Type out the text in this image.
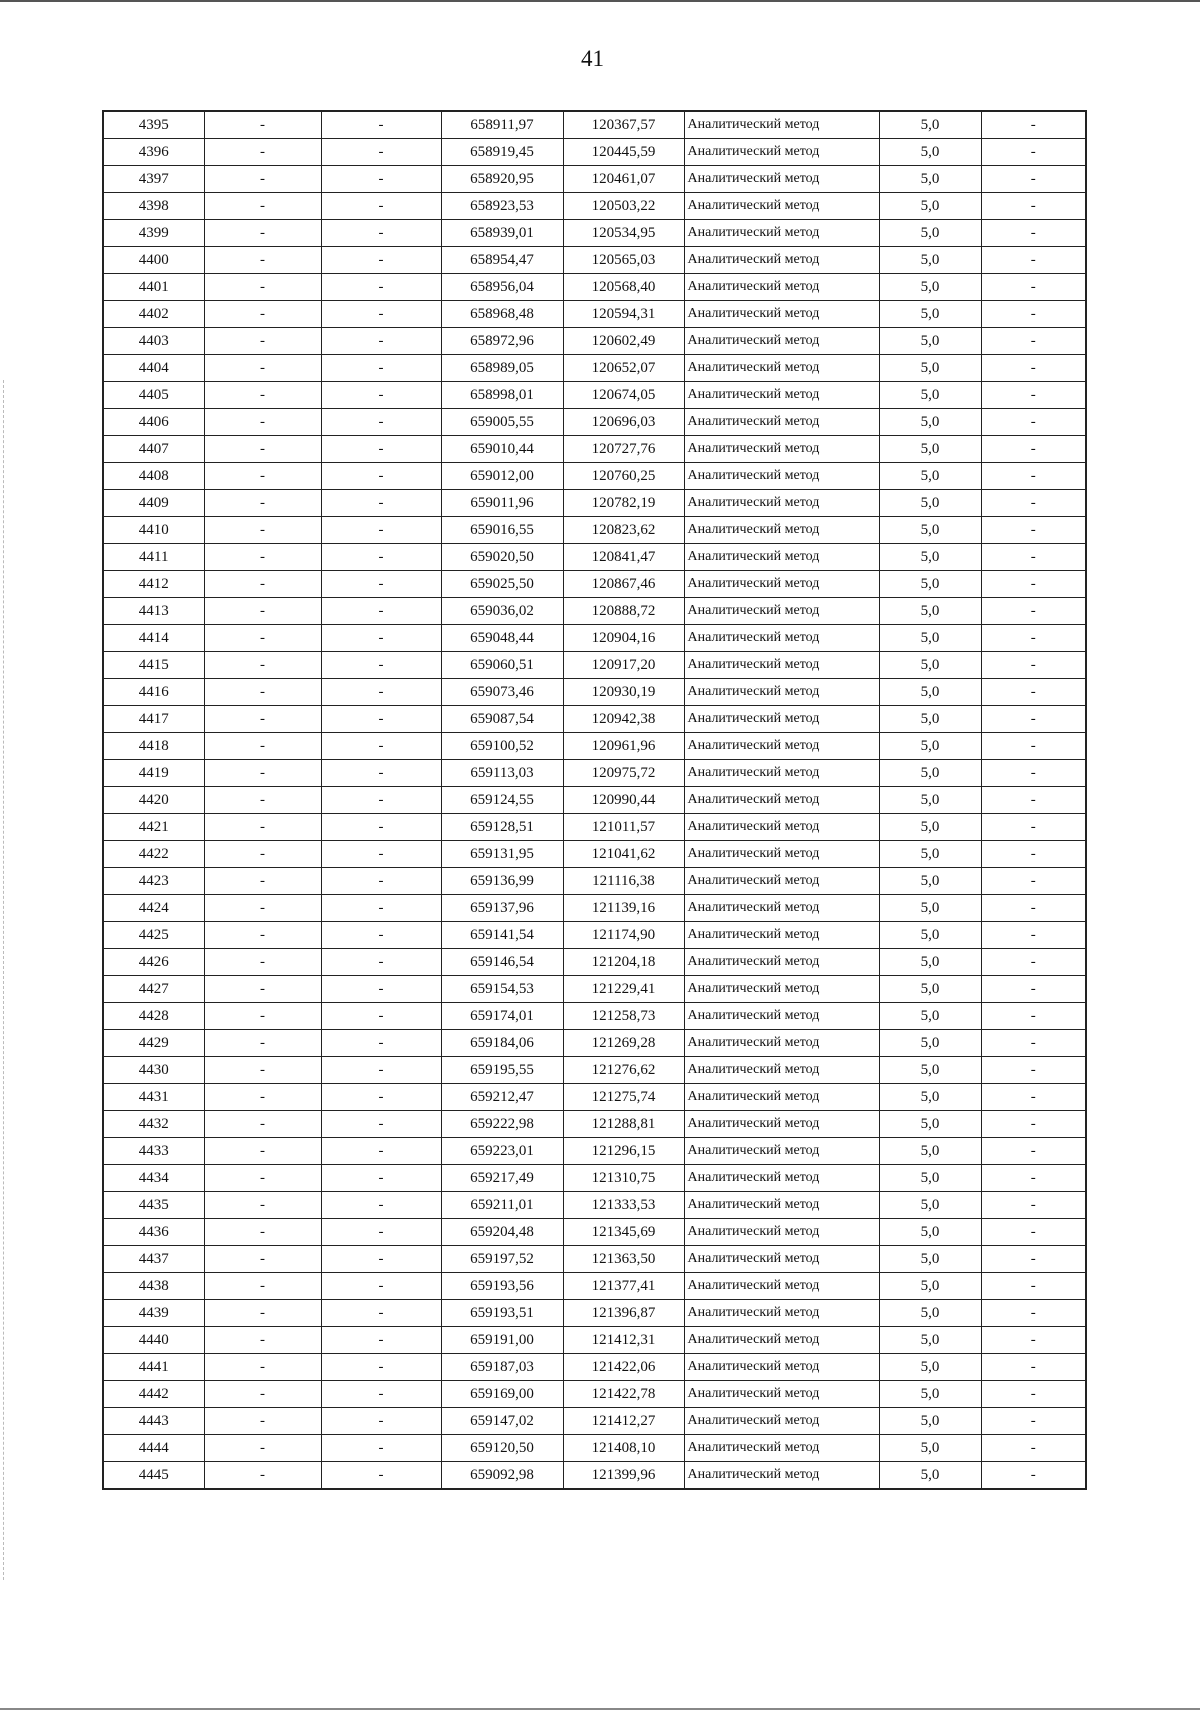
41
4395	-	-	658911,97	120367,57	Аналитический метод	5,0	-
4396	-	-	658919,45	120445,59	Аналитический метод	5,0	-
4397	-	-	658920,95	120461,07	Аналитический метод	5,0	-
4398	-	-	658923,53	120503,22	Аналитический метод	5,0	-
4399	-	-	658939,01	120534,95	Аналитический метод	5,0	-
4400	-	-	658954,47	120565,03	Аналитический метод	5,0	-
4401	-	-	658956,04	120568,40	Аналитический метод	5,0	-
4402	-	-	658968,48	120594,31	Аналитический метод	5,0	-
4403	-	-	658972,96	120602,49	Аналитический метод	5,0	-
4404	-	-	658989,05	120652,07	Аналитический метод	5,0	-
4405	-	-	658998,01	120674,05	Аналитический метод	5,0	-
4406	-	-	659005,55	120696,03	Аналитический метод	5,0	-
4407	-	-	659010,44	120727,76	Аналитический метод	5,0	-
4408	-	-	659012,00	120760,25	Аналитический метод	5,0	-
4409	-	-	659011,96	120782,19	Аналитический метод	5,0	-
4410	-	-	659016,55	120823,62	Аналитический метод	5,0	-
4411	-	-	659020,50	120841,47	Аналитический метод	5,0	-
4412	-	-	659025,50	120867,46	Аналитический метод	5,0	-
4413	-	-	659036,02	120888,72	Аналитический метод	5,0	-
4414	-	-	659048,44	120904,16	Аналитический метод	5,0	-
4415	-	-	659060,51	120917,20	Аналитический метод	5,0	-
4416	-	-	659073,46	120930,19	Аналитический метод	5,0	-
4417	-	-	659087,54	120942,38	Аналитический метод	5,0	-
4418	-	-	659100,52	120961,96	Аналитический метод	5,0	-
4419	-	-	659113,03	120975,72	Аналитический метод	5,0	-
4420	-	-	659124,55	120990,44	Аналитический метод	5,0	-
4421	-	-	659128,51	121011,57	Аналитический метод	5,0	-
4422	-	-	659131,95	121041,62	Аналитический метод	5,0	-
4423	-	-	659136,99	121116,38	Аналитический метод	5,0	-
4424	-	-	659137,96	121139,16	Аналитический метод	5,0	-
4425	-	-	659141,54	121174,90	Аналитический метод	5,0	-
4426	-	-	659146,54	121204,18	Аналитический метод	5,0	-
4427	-	-	659154,53	121229,41	Аналитический метод	5,0	-
4428	-	-	659174,01	121258,73	Аналитический метод	5,0	-
4429	-	-	659184,06	121269,28	Аналитический метод	5,0	-
4430	-	-	659195,55	121276,62	Аналитический метод	5,0	-
4431	-	-	659212,47	121275,74	Аналитический метод	5,0	-
4432	-	-	659222,98	121288,81	Аналитический метод	5,0	-
4433	-	-	659223,01	121296,15	Аналитический метод	5,0	-
4434	-	-	659217,49	121310,75	Аналитический метод	5,0	-
4435	-	-	659211,01	121333,53	Аналитический метод	5,0	-
4436	-	-	659204,48	121345,69	Аналитический метод	5,0	-
4437	-	-	659197,52	121363,50	Аналитический метод	5,0	-
4438	-	-	659193,56	121377,41	Аналитический метод	5,0	-
4439	-	-	659193,51	121396,87	Аналитический метод	5,0	-
4440	-	-	659191,00	121412,31	Аналитический метод	5,0	-
4441	-	-	659187,03	121422,06	Аналитический метод	5,0	-
4442	-	-	659169,00	121422,78	Аналитический метод	5,0	-
4443	-	-	659147,02	121412,27	Аналитический метод	5,0	-
4444	-	-	659120,50	121408,10	Аналитический метод	5,0	-
4445	-	-	659092,98	121399,96	Аналитический метод	5,0	-
